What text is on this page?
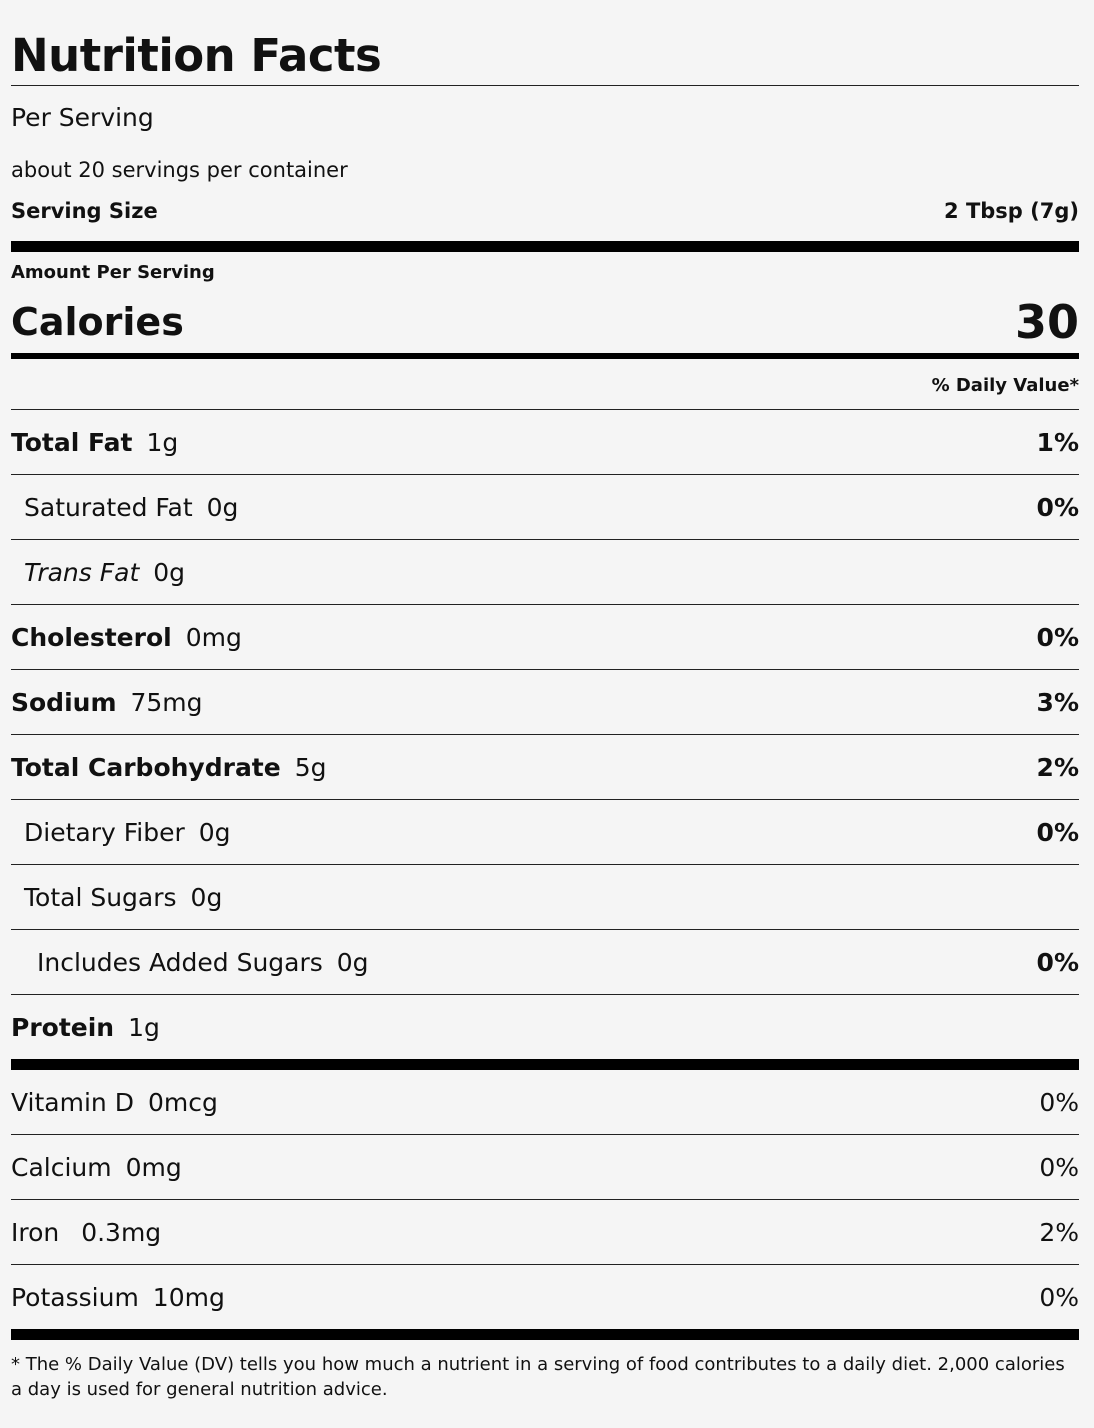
Nutrition Facts
Per Serving
about 20 servings per container
Serving Size	2 Tbsp (7g)
Amount Per Serving
Calories	30
% Daily Value*
Total Fat 1g	1%
Saturated Fat 0g	0%
Trans Fat 0g
Cholesterol 0mg	0%
Sodium 75mg	3%
Total Carbohydrate 5g	2%
Dietary Fiber 0g	0%
Total Sugars 0g
Includes Added Sugars 0g	0%
Protein 1g
Vitamin D 0mcg	0%
Calcium 0mg	0%
Iron 0.3mg	2%
Potassium 10mg	0%
* The % Daily Value (DV) tells you how much a nutrient in a serving of food contributes to a daily diet. 2,000 calories a day is used for general nutrition advice.
